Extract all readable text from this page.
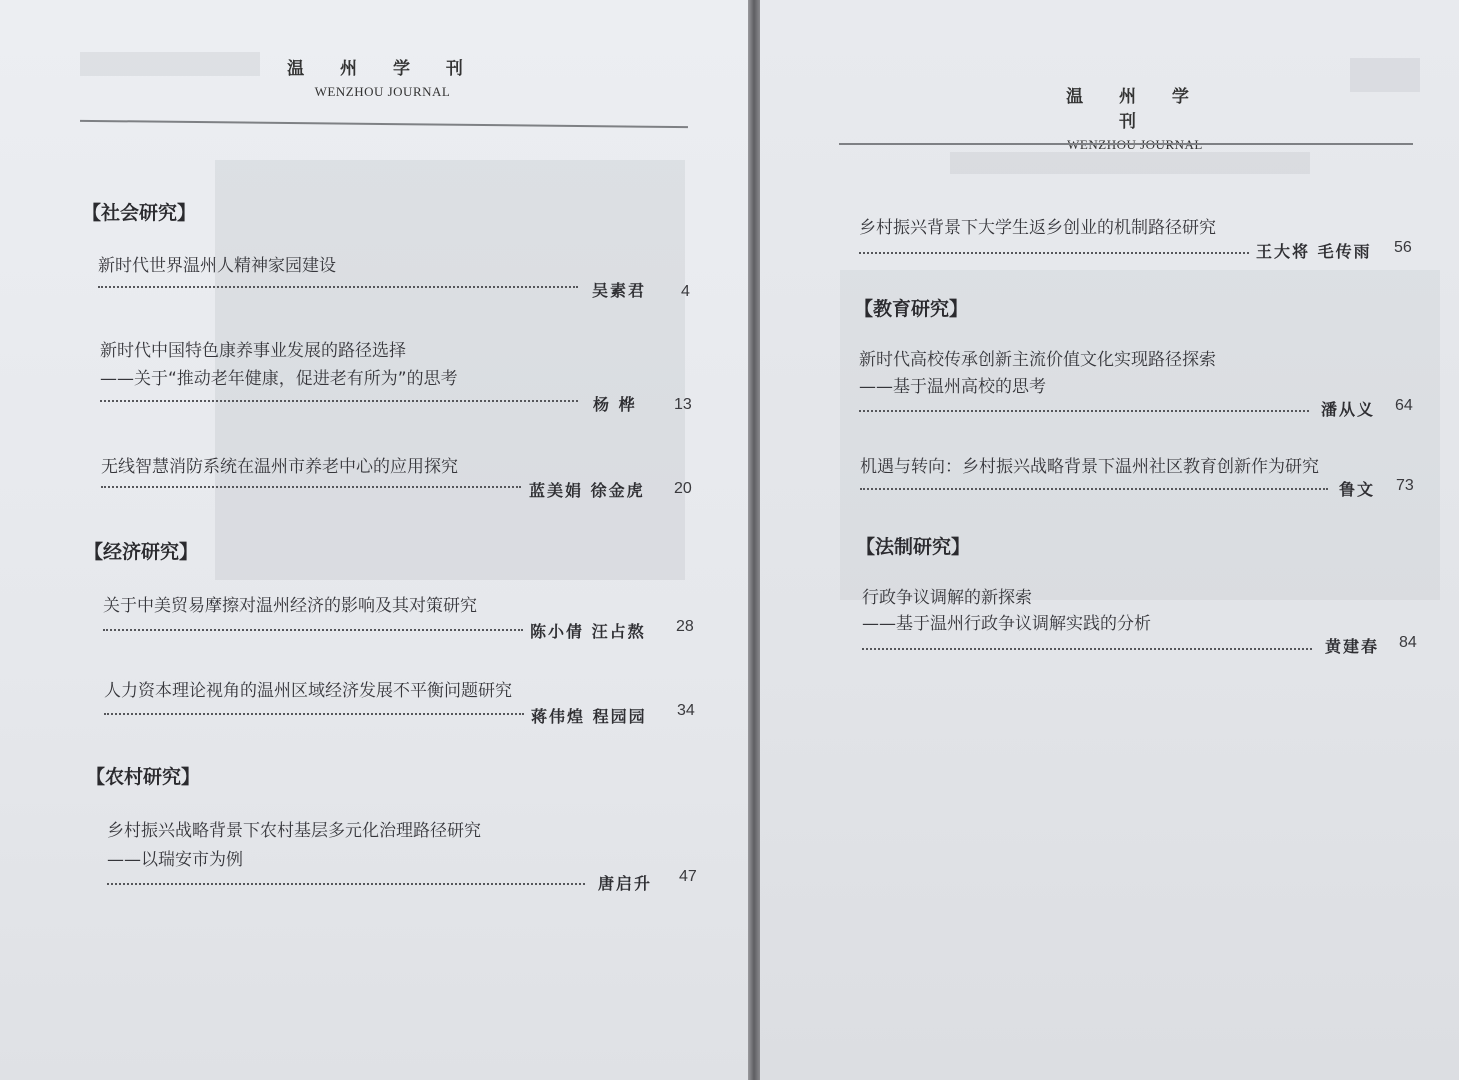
温 州 学 刊
WENZHOU JOURNAL
【社会研究】
新时代世界温州人精神家园建设
吴素君 4
新时代中国特色康养事业发展的路径选择
——关于“推动老年健康，促进老有所为”的思考
杨 桦 13
无线智慧消防系统在温州市养老中心的应用探究
蓝美娟 徐金虎 20
【经济研究】
关于中美贸易摩擦对温州经济的影响及其对策研究
陈小倩 汪占熬 28
人力资本理论视角的温州区域经济发展不平衡问题研究
蒋伟煌 程园园 34
【农村研究】
乡村振兴战略背景下农村基层多元化治理路径研究
——以瑞安市为例
唐启升 47
温 州 学 刊
乡村振兴背景下大学生返乡创业的机制路径研究
王大将 毛传雨 56
【教育研究】
新时代高校传承创新主流价值文化实现路径探索
——基于温州高校的思考
潘从义 64
机遇与转向：乡村振兴战略背景下温州社区教育创新作为研究
鲁文 73
【法制研究】
行政争议调解的新探索
——基于温州行政争议调解实践的分析
黄建春 84
